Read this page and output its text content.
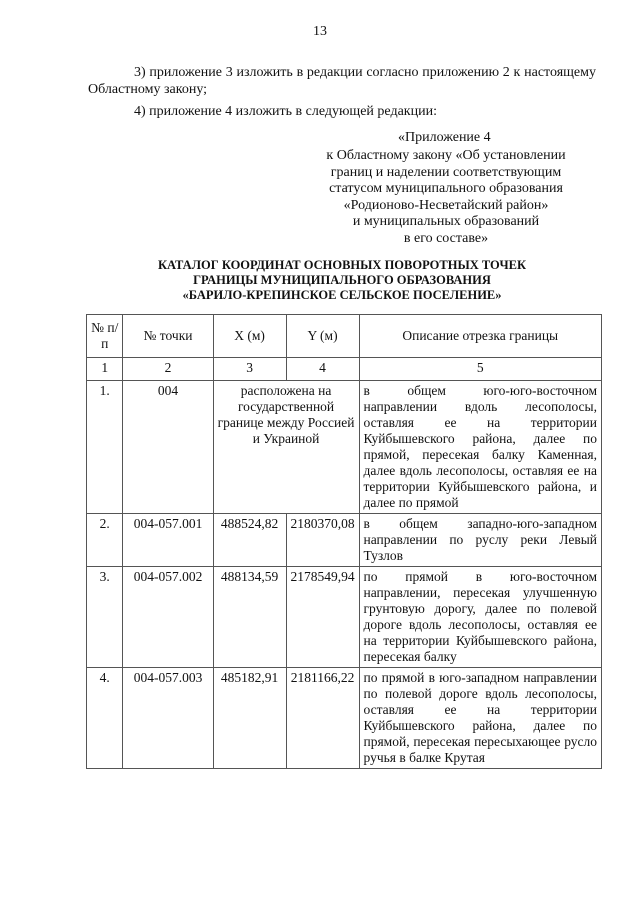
13
3) приложение 3 изложить в редакции согласно приложению 2 к настоящему Областному закону;
4) приложение 4 изложить в следующей редакции:
«Приложение 4
к Областному закону «Об установлении
границ и наделении соответствующим
статусом муниципального образования
«Родионово-Несветайский район»
и муниципальных образований
в его составе»
КАТАЛОГ КООРДИНАТ ОСНОВНЫХ ПОВОРОТНЫХ ТОЧЕК
ГРАНИЦЫ МУНИЦИПАЛЬНОГО ОБРАЗОВАНИЯ
«БАРИЛО-КРЕПИНСКОЕ СЕЛЬСКОЕ ПОСЕЛЕНИЕ»
№ п/п	№ точки	X (м)	Y (м)	Описание отрезка границы
1	2	3	4	5
1.	004	расположена на государственной границе между Россией и Украиной		в общем юго-юго-восточном направлении вдоль лесополосы, оставляя ее на территории Куйбышевского района, далее по прямой, пересекая балку Каменная, далее вдоль лесополосы, оставляя ее на территории Куйбышевского района, и далее по прямой
2.	004-057.001	488524,82	2180370,08	в общем западно-юго-западном направлении по руслу реки Левый Тузлов
3.	004-057.002	488134,59	2178549,94	по прямой в юго-восточном направлении, пересекая улучшенную грунтовую дорогу, далее по полевой дороге вдоль лесополосы, оставляя ее на территории Куйбышевского района, пересекая балку
4.	004-057.003	485182,91	2181166,22	по прямой в юго-западном направлении по полевой дороге вдоль лесополосы, оставляя ее на территории Куйбышевского района, далее по прямой, пересекая пересыхающее русло ручья в балке Крутая
